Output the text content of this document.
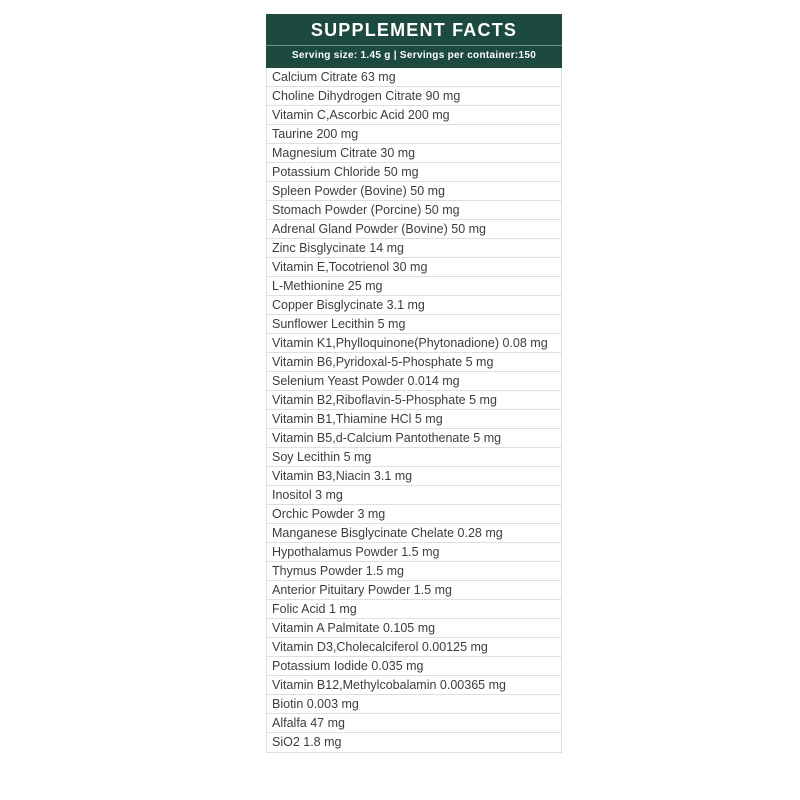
SUPPLEMENT FACTS
Serving size: 1.45 g | Servings per container:150
Calcium Citrate 63 mg
Choline Dihydrogen Citrate 90 mg
Vitamin C,Ascorbic Acid 200 mg
Taurine 200 mg
Magnesium Citrate 30 mg
Potassium Chloride 50 mg
Spleen Powder (Bovine) 50 mg
Stomach Powder (Porcine) 50 mg
Adrenal Gland Powder (Bovine) 50 mg
Zinc Bisglycinate 14 mg
Vitamin E,Tocotrienol 30 mg
L-Methionine 25 mg
Copper Bisglycinate 3.1 mg
Sunflower Lecithin 5 mg
Vitamin K1,Phylloquinone(Phytonadione) 0.08 mg
Vitamin B6,Pyridoxal-5-Phosphate 5 mg
Selenium Yeast Powder 0.014 mg
Vitamin B2,Riboflavin-5-Phosphate 5 mg
Vitamin B1,Thiamine HCl 5 mg
Vitamin B5,d-Calcium Pantothenate 5 mg
Soy Lecithin 5 mg
Vitamin B3,Niacin 3.1 mg
Inositol 3 mg
Orchic Powder 3 mg
Manganese Bisglycinate Chelate 0.28 mg
Hypothalamus Powder 1.5 mg
Thymus Powder 1.5 mg
Anterior Pituitary Powder 1.5 mg
Folic Acid 1 mg
Vitamin A Palmitate 0.105 mg
Vitamin D3,Cholecalciferol 0.00125 mg
Potassium Iodide 0.035 mg
Vitamin B12,Methylcobalamin 0.00365 mg
Biotin 0.003 mg
Alfalfa 47 mg
SiO2 1.8 mg
